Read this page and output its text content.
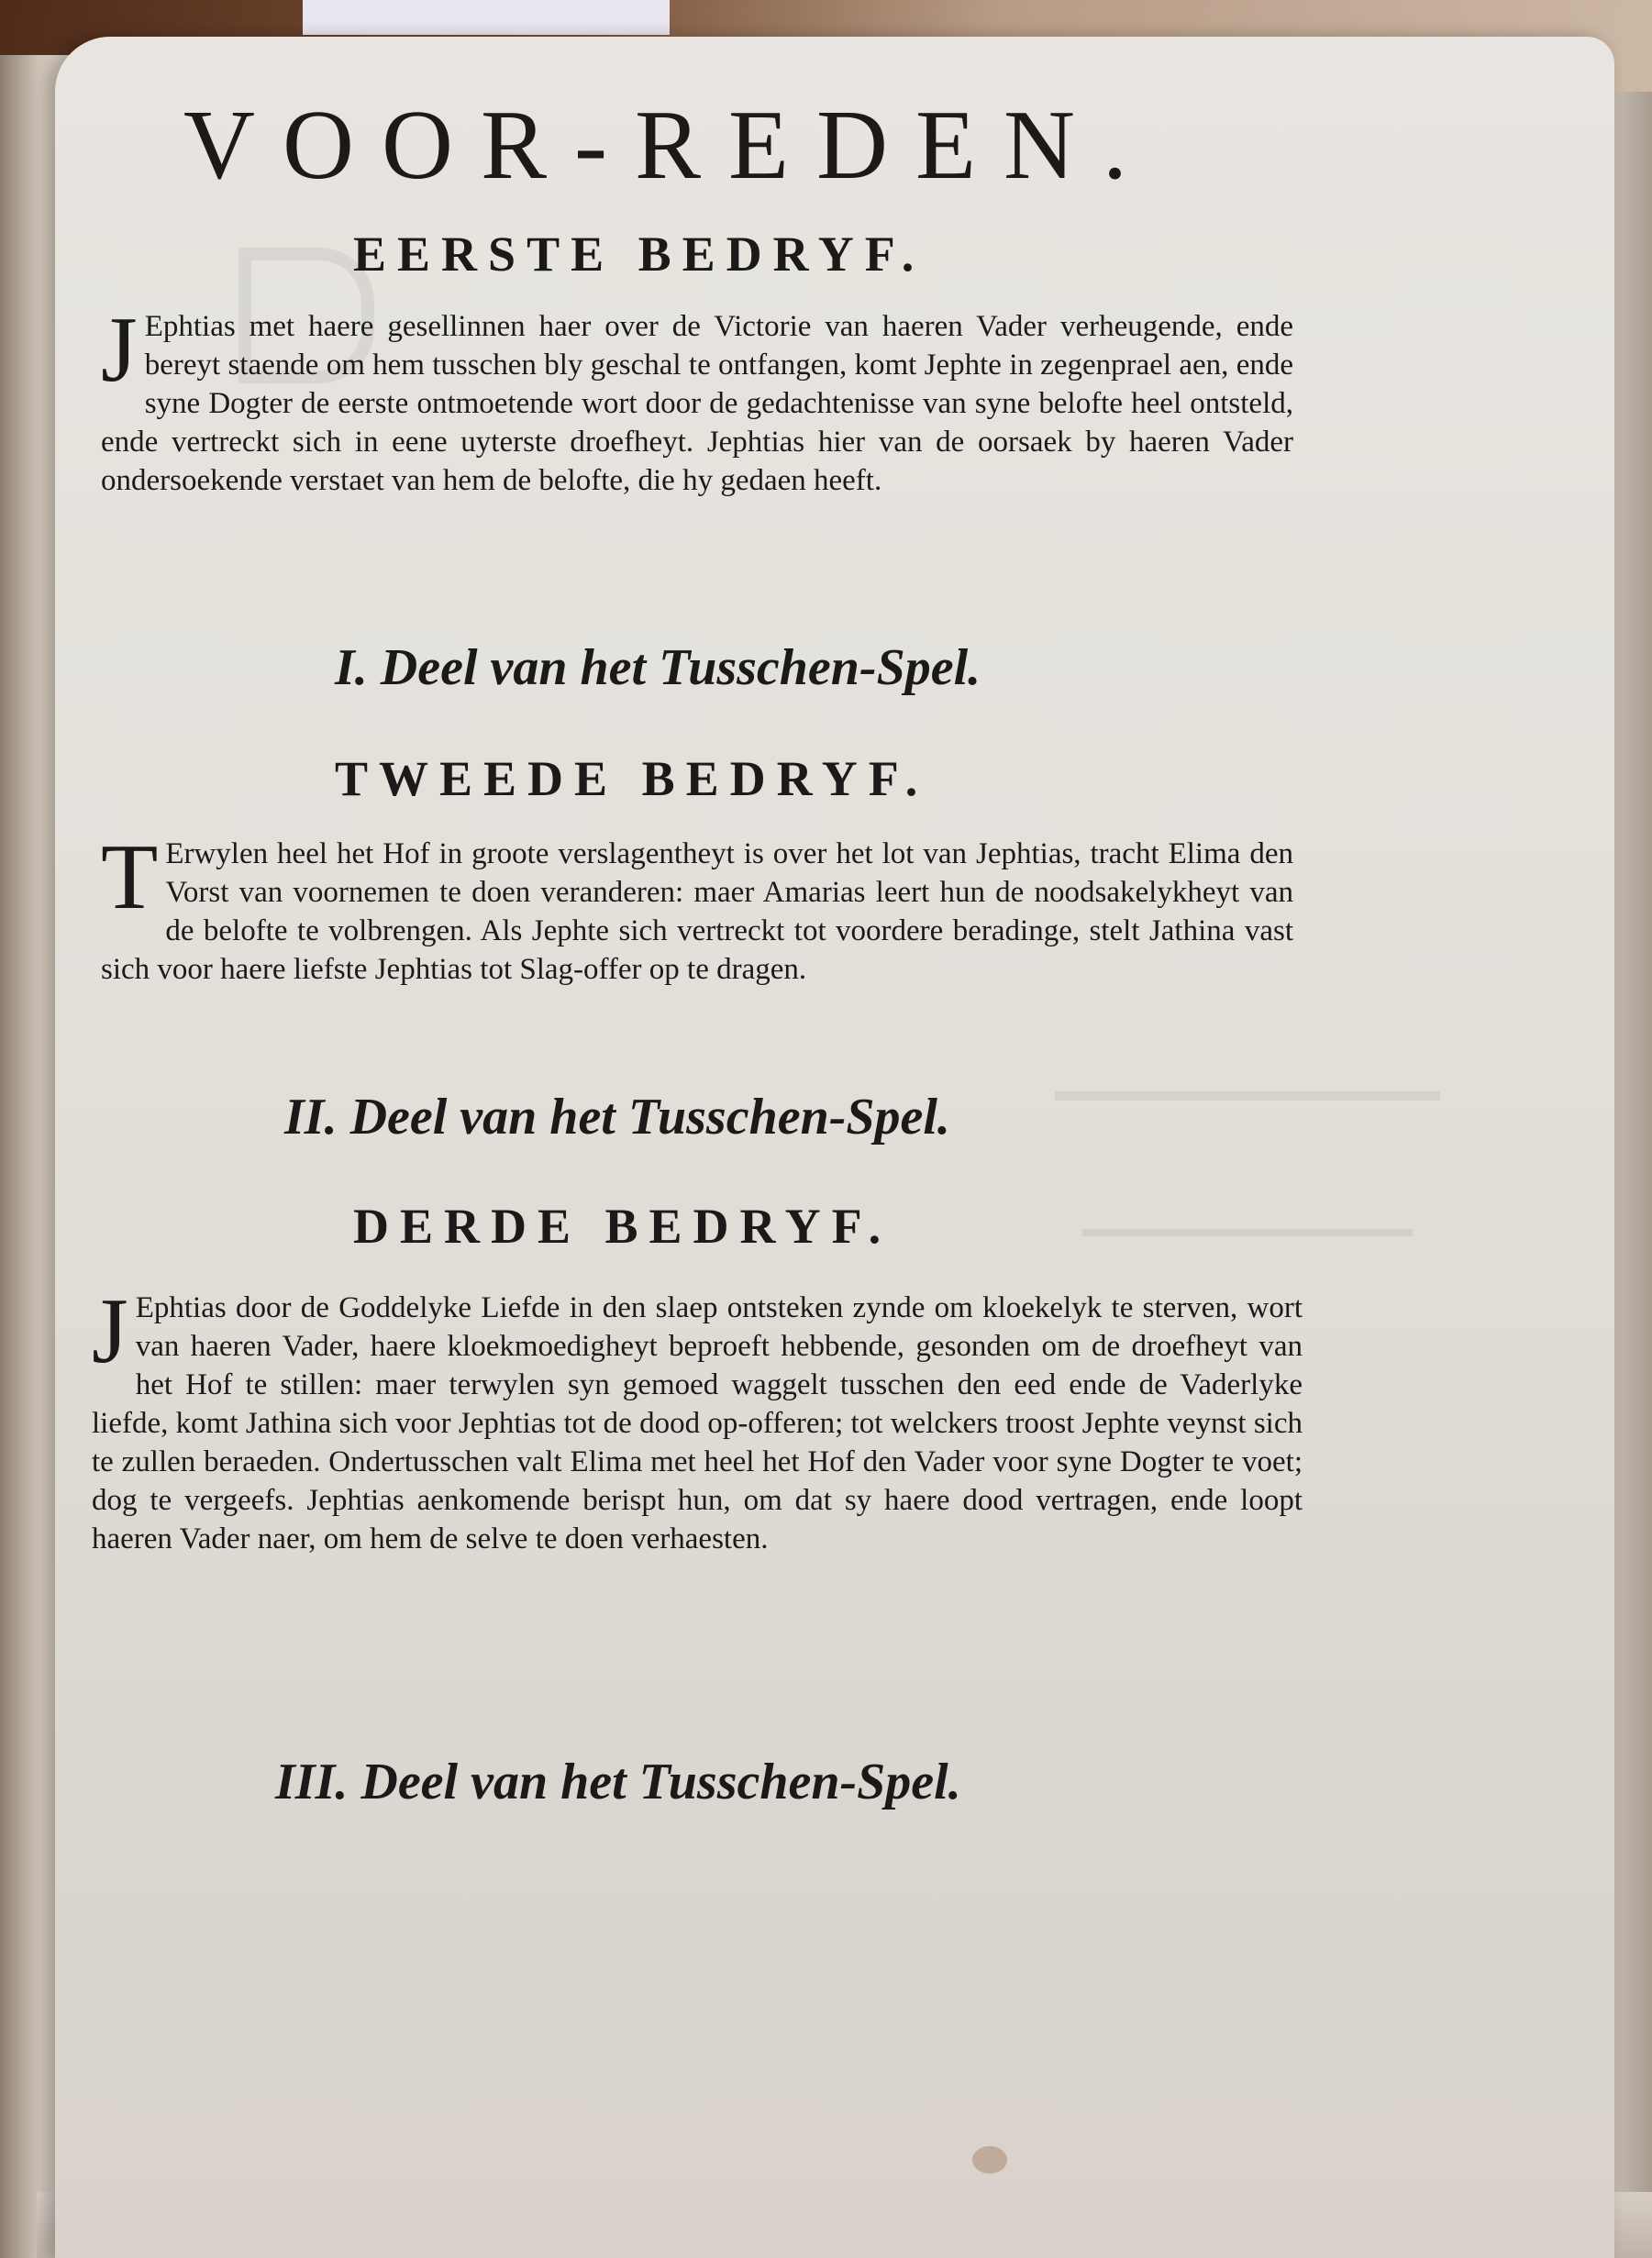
VOOR-REDEN.
EERSTE BEDRYF.
J Ephtias met haere gesellinnen haer over de Victorie van haeren Vader verheugende, ende bereyt staende om hem tusschen bly geschal te ontfangen, komt Jephte in zegenprael aen, ende syne Dogter de eerste ontmoetende wort door de gedachtenisse van syne belofte heel ontsteld, ende vertreckt sich in eene uyterste droefheyt. Jephtias hier van de oorsaek by haeren Vader ondersoekende verstaet van hem de belofte, die hy gedaen heeft.
I. Deel van het Tusschen-Spel.
TWEEDE BEDRYF.
T Erwylen heel het Hof in groote verslagentheyt is over het lot van Jephtias, tracht Elima den Vorst van voornemen te doen veranderen: maer Amarias leert hun de noodsakelykheyt van de belofte te volbrengen. Als Jephte sich vertreckt tot voordere beradinge, stelt Jathina vast sich voor haere liefste Jephtias tot Slag-offer op te dragen.
II. Deel van het Tusschen-Spel.
DERDE BEDRYF.
J Ephtias door de Goddelyke Liefde in den slaep ontsteken zynde om kloekelyk te sterven, wort van haeren Vader, haere kloekmoedigheyt beproeft hebbende, gesonden om de droefheyt van het Hof te stillen: maer terwylen syn gemoed waggelt tusschen den eed ende de Vaderlyke liefde, komt Jathina sich voor Jephtias tot de dood op-offeren; tot welckers troost Jephte veynst sich te zullen beraeden. Ondertusschen valt Elima met heel het Hof den Vader voor syne Dogter te voet; dog te vergeefs. Jephtias aenkomende berispt hun, om dat sy haere dood vertragen, ende loopt haeren Vader naer, om hem de selve te doen verhaesten.
III. Deel van het Tusschen-Spel.
